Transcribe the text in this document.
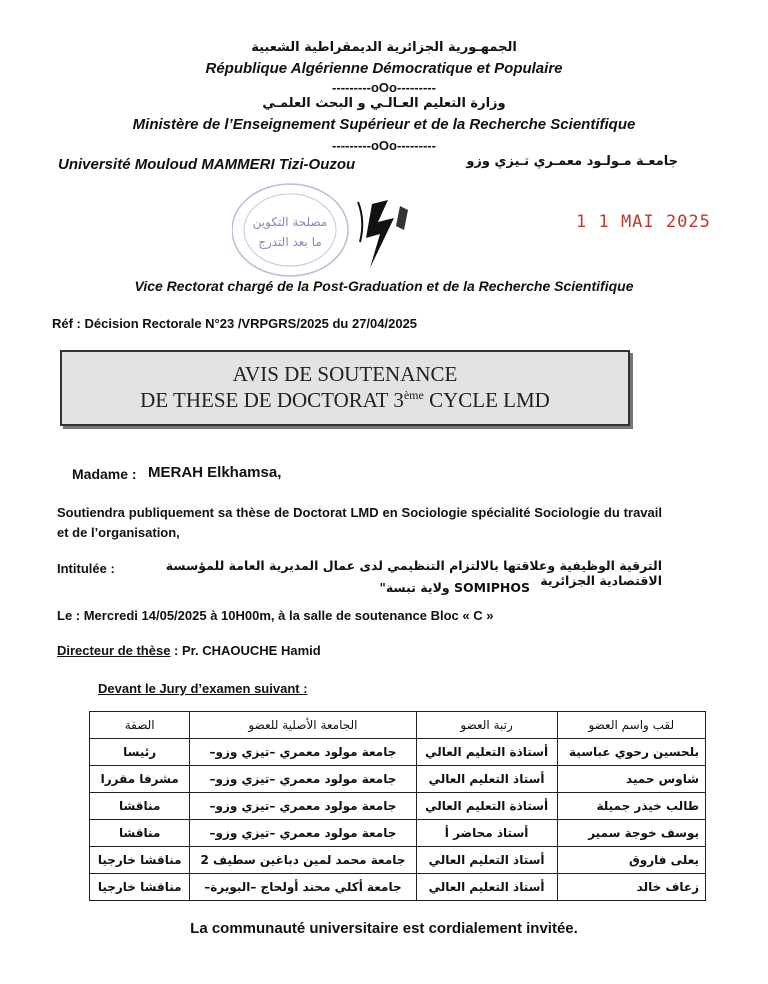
الجمهـورية الجزائرية الديمقراطية الشعبية
République Algérienne Démocratique et Populaire
---------oOo---------
وزارة التعليم العـالـي و البحث العلمـي
Ministère de l’Enseignement Supérieur et de la Recherche Scientifique
---------oOo---------
Université Mouloud MAMMERI Tizi-Ouzou	جامعـة مـولـود معمـري تـيزي وزو
مصلحة التكوين
ما بعد التدرج
1 1 MAI 2025
Vice Rectorat chargé de la Post-Graduation et de la Recherche Scientifique
Réf : Décision Rectorale N°23 /VRPGRS/2025 du 27/04/2025
AVIS DE SOUTENANCE
DE THESE DE DOCTORAT 3ème CYCLE LMD
Madame : MERAH Elkhamsa,
Soutiendra publiquement sa thèse de Doctorat LMD en Sociologie spécialité Sociologie du travail et de l’organisation,
Intitulée :	الترقية الوظيفية وعلاقتها بالالتزام التنظيمي لدى عمال المديرية العامة للمؤسسة الاقتصادية الجزائرية
SOMIPHOS ولاية تبسة"
Le : Mercredi 14/05/2025 à 10H00m, à la salle de soutenance Bloc « C »
Directeur de thèse : Pr. CHAOUCHE Hamid
Devant le Jury d’examen suivant :
لقب واسم العضو	رتبة العضو	الجامعة الأصلية للعضو	الصفة
بلحسين رحوي عباسية	أستاذة التعليم العالي	جامعة مولود معمري –تيزي وزو–	رئيسا
شاوس حميد	أستاذ التعليم العالي	جامعة مولود معمري –تيزي وزو–	مشرفا مقررا
طالب خيذر جميلة	أستاذة التعليم العالي	جامعة مولود معمري –تيزي وزو–	مناقشا
يوسف خوجة سمير	أستاذ محاضر أ	جامعة مولود معمري –تيزي وزو–	مناقشا
يعلى فاروق	أستاذ التعليم العالي	جامعة محمد لمين دباغين سطيف 2	مناقشا خارجيا
زعاف خالد	أستاذ التعليم العالي	جامعة أكلي محند أولحاج –البويرة–	مناقشا خارجيا
La communauté universitaire est cordialement invitée.
